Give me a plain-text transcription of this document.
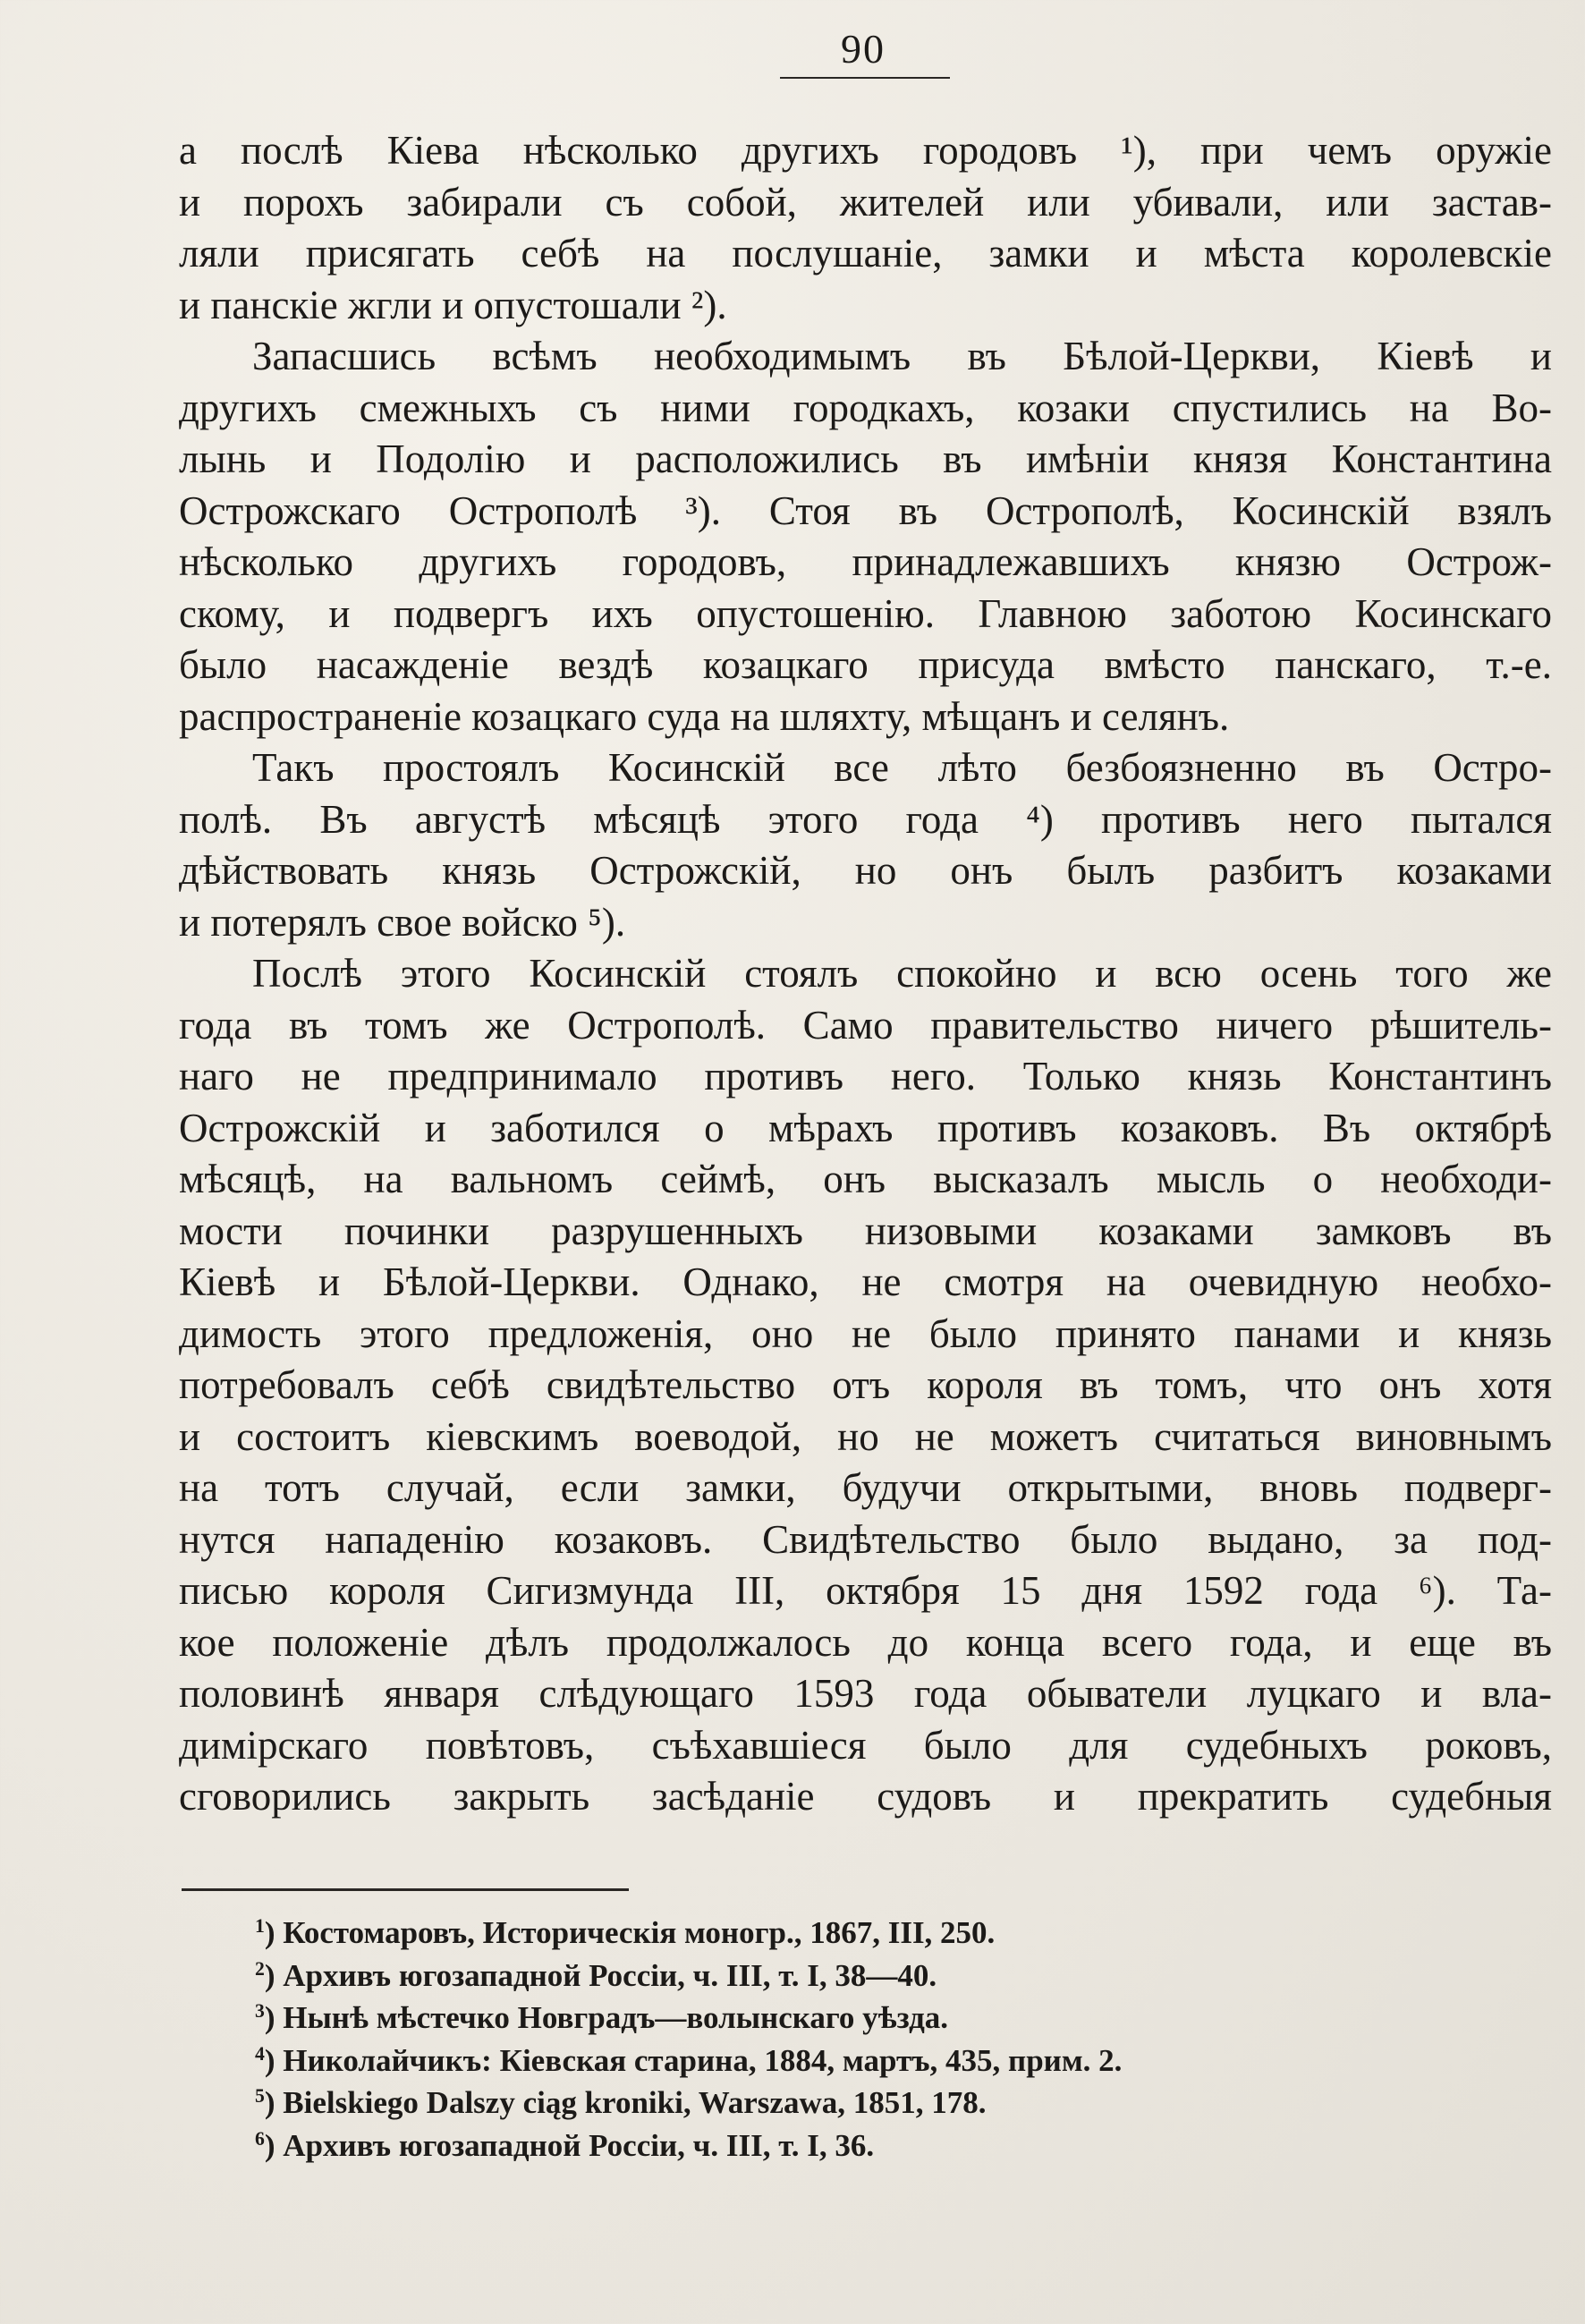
90
а послѣ Кіева нѣсколько другихъ городовъ ¹), при чемъ оружіе
и порохъ забирали съ собой, жителей или убивали, или застав-
ляли присягать себѣ на послушаніе, замки и мѣста королевскіе
и панскіе жгли и опустошали ²).
Запасшись всѣмъ необходимымъ въ Бѣлой-Церкви, Кіевѣ и
другихъ смежныхъ съ ними городкахъ, козаки спустились на Во-
лынь и Подолію и расположились въ имѣніи князя Константина
Острожскаго Острополѣ ³). Стоя въ Острополѣ, Косинскій взялъ
нѣсколько другихъ городовъ, принадлежавшихъ князю Острож-
скому, и подвергъ ихъ опустошенію. Главною заботою Косинскаго
было насажденіе вездѣ козацкаго присуда вмѣсто панскаго, т.-е.
распространеніе козацкаго суда на шляхту, мѣщанъ и селянъ.
Такъ простоялъ Косинскій все лѣто безбоязненно въ Остро-
полѣ. Въ августѣ мѣсяцѣ этого года ⁴) противъ него пытался
дѣйствовать князь Острожскій, но онъ былъ разбитъ козаками
и потерялъ свое войско ⁵).
Послѣ этого Косинскій стоялъ спокойно и всю осень того же
года въ томъ же Острополѣ. Само правительство ничего рѣшитель-
наго не предпринимало противъ него. Только князь Константинъ
Острожскій и заботился о мѣрахъ противъ козаковъ. Въ октябрѣ
мѣсяцѣ, на вальномъ сеймѣ, онъ высказалъ мысль о необходи-
мости починки разрушенныхъ низовыми козаками замковъ въ
Кіевѣ и Бѣлой-Церкви. Однако, не смотря на очевидную необхо-
димость этого предложенія, оно не было принято панами и князь
потребовалъ себѣ свидѣтельство отъ короля въ томъ, что онъ хотя
и состоитъ кіевскимъ воеводой, но не можетъ считаться виновнымъ
на тотъ случай, если замки, будучи открытыми, вновь подверг-
нутся нападенію козаковъ. Свидѣтельство было выдано, за под-
писью короля Сигизмунда III, октября 15 дня 1592 года ⁶). Та-
кое положеніе дѣлъ продолжалось до конца всего года, и еще въ
половинѣ января слѣдующаго 1593 года обыватели луцкаго и вла-
димірскаго повѣтовъ, съѣхавшіеся было для судебныхъ роковъ,
сговорились закрыть засѣданіе судовъ и прекратить судебныя
$^1$) Костомаровъ, Историческія моногр., 1867, III, 250.
$^2$) Архивъ югозападной Россіи, ч. III, т. I, 38—40.
$^3$) Нынѣ мѣстечко Новградъ—волынскаго уѣзда.
$^4$) Николайчикъ: Кіевская старина, 1884, мартъ, 435, прим. 2.
$^5$) Bielskiego Dalszy ciąg kroniki, Warszawa, 1851, 178.
$^6$) Архивъ югозападной Россіи, ч. III, т. I, 36.
